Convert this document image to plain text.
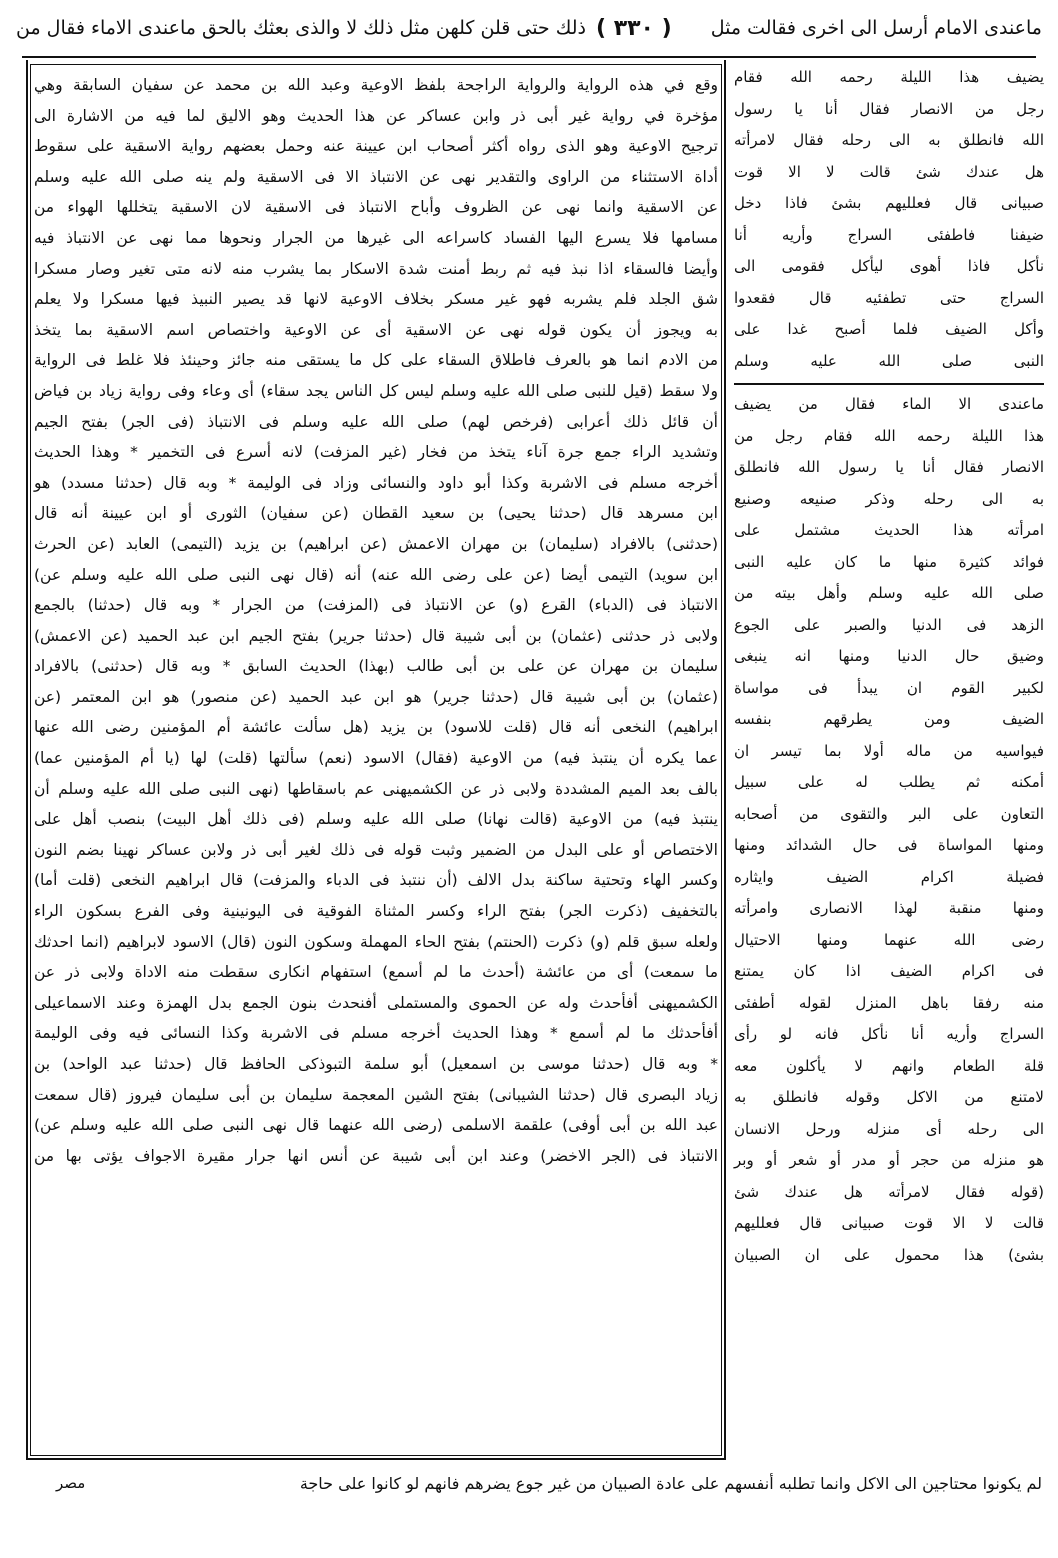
ماعندى الامام أرسل الى اخرى فقالت مثل
( ٣٣٠ )
ذلك حتى قلن كلهن مثل ذلك لا والذى بعثك بالحق ماعندى الاماء فقال من
وقع في هذه الرواية والرواية الراجحة بلفظ الاوعية وعبد الله بن محمد عن سفيان السابقة وهي
مؤخرة في رواية غير أبى ذر وابن عساكر عن هذا الحديث وهو الاليق لما فيه من الاشارة الى
ترجيح الاوعية وهو الذى رواه أكثر أصحاب ابن عيينة عنه وحمل بعضهم رواية الاسقية على سقوط
أداة الاستثناء من الراوى والتقدير نهى عن الانتباذ الا فى الاسقية ولم ينه صلى الله عليه وسلم
عن الاسقية وانما نهى عن الظروف وأباح الانتباذ فى الاسقية لان الاسقية يتخللها الهواء من
مسامها فلا يسرع اليها الفساد كاسراعه الى غيرها من الجرار ونحوها مما نهى عن الانتباذ فيه
وأيضا فالسقاء اذا نبذ فيه ثم ربط أمنت شدة الاسكار بما يشرب منه لانه متى تغير وصار مسكرا
شق الجلد فلم يشربه فهو غير مسكر بخلاف الاوعية لانها قد يصير النبيذ فيها مسكرا ولا يعلم
به ويجوز أن يكون قوله نهى عن الاسقية أى عن الاوعية واختصاص اسم الاسقية بما يتخذ
من الادم انما هو بالعرف فاطلاق السقاء على كل ما يستقى منه جائز وحينئذ فلا غلط فى الرواية
ولا سقط (قيل للنبى صلى الله عليه وسلم ليس كل الناس يجد سقاء) أى وعاء وفى رواية زياد بن فياض
أن قائل ذلك أعرابى (فرخص لهم) صلى الله عليه وسلم فى الانتباذ (فى الجر) بفتح الجيم
وتشديد الراء جمع جرة آناء يتخذ من فخار (غير المزفت) لانه أسرع فى التخمير * وهذا الحديث
أخرجه مسلم فى الاشربة وكذا أبو داود والنسائى وزاد فى الوليمة * وبه قال (حدثنا مسدد) هو
ابن مسرهد قال (حدثنا يحيى) بن سعيد القطان (عن سفيان) الثورى أو ابن عيينة أنه قال
(حدثنى) بالافراد (سليمان) بن مهران الاعمش (عن ابراهيم) بن يزيد (التيمى) العابد (عن الحرث
ابن سويد) التيمى أيضا (عن على رضى الله عنه) أنه (قال نهى النبى صلى الله عليه وسلم عن)
الانتباذ فى (الدباء) القرع (و) عن الانتباذ فى (المزفت) من الجرار * وبه قال (حدثنا) بالجمع
ولابى ذر حدثنى (عثمان) بن أبى شيبة قال (حدثنا جرير) بفتح الجيم ابن عبد الحميد (عن الاعمش)
سليمان بن مهران عن على بن أبى طالب (بهذا) الحديث السابق * وبه قال (حدثنى) بالافراد
(عثمان) بن أبى شيبة قال (حدثنا جرير) هو ابن عبد الحميد (عن منصور) هو ابن المعتمر (عن
ابراهيم) النخعى أنه قال (قلت للاسود) بن يزيد (هل سألت عائشة أم المؤمنين رضى الله عنها
عما يكره أن ينتبذ فيه) من الاوعية (فقال) الاسود (نعم) سألتها (قلت) لها (يا أم المؤمنين عما)
بالف بعد الميم المشددة ولابى ذر عن الكشميهنى عم باسقاطها (نهى النبى صلى الله عليه وسلم أن
ينتبذ فيه) من الاوعية (قالت نهانا) صلى الله عليه وسلم (فى ذلك أهل البيت) بنصب أهل على
الاختصاص أو على البدل من الضمير وثبت قوله فى ذلك لغير أبى ذر ولابن عساكر نهينا بضم النون
وكسر الهاء وتحتية ساكنة بدل الالف (أن ننتبذ فى الدباء والمزفت) قال ابراهيم النخعى (قلت أما)
بالتخفيف (ذكرت الجر) بفتح الراء وكسر المثناة الفوقية فى اليونينية وفى الفرع بسكون الراء
ولعله سبق قلم (و) ذكرت (الحنتم) بفتح الحاء المهملة وسكون النون (قال) الاسود لابراهيم (انما احدثك
ما سمعت) أى من عائشة (أحدث ما لم أسمع) استفهام انكارى سقطت منه الاداة ولابى ذر عن
الكشميهنى أفأحدث وله عن الحموى والمستملى أفنحدث بنون الجمع بدل الهمزة وعند الاسماعيلى
أفأحدثك ما لم أسمع * وهذا الحديث أخرجه مسلم فى الاشربة وكذا النسائى فيه وفى الوليمة
* وبه قال (حدثنا موسى بن اسمعيل) أبو سلمة التبوذكى الحافظ قال (حدثنا عبد الواحد) بن
زياد البصرى قال (حدثنا الشيبانى) بفتح الشين المعجمة سليمان بن أبى سليمان فيروز (قال سمعت
عبد الله بن أبى أوفى) علقمة الاسلمى (رضى الله عنهما قال نهى النبى صلى الله عليه وسلم عن)
الانتباذ فى (الجر الاخضر) وعند ابن أبى شيبة عن أنس انها جرار مقيرة الاجواف يؤتى بها من
يضيف هذا الليلة رحمه الله فقام
رجل من الانصار فقال أنا يا رسول
الله فانطلق به الى رحله فقال لامرأته
هل عندك شئ قالت لا الا قوت
صبيانى قال فعلليهم بشئ فاذا دخل
ضيفنا فاطفئى السراج وأريه أنا
نأكل فاذا أهوى ليأكل فقومى الى
السراج حتى تطفئيه قال فقعدوا
وأكل الضيف فلما أصبح غدا على
النبى صلى الله عليه وسلم
ماعندى الا الماء فقال من يضيف
هذا الليلة رحمه الله فقام رجل من
الانصار فقال أنا يا رسول الله فانطلق
به الى رحله وذكر صنيعه وصنيع
امرأته هذا الحديث مشتمل على
فوائد كثيرة منها ما كان عليه النبى
صلى الله عليه وسلم وأهل بيته من
الزهد فى الدنيا والصبر على الجوع
وضيق حال الدنيا ومنها انه ينبغى
لكبير القوم ان يبدأ فى مواساة
الضيف ومن يطرقهم بنفسه
فيواسيه من ماله أولا بما تيسر ان
أمكنه ثم يطلب له على سبيل
التعاون على البر والتقوى من أصحابه
ومنها المواساة فى حال الشدائد ومنها
فضيلة اكرام الضيف وايثاره
ومنها منقبة لهذا الانصارى وامرأته
رضى الله عنهما ومنها الاحتيال
فى اكرام الضيف اذا كان يمتنع
منه رفقا باهل المنزل لقوله أطفئى
السراج وأريه أنا نأكل فانه لو رأى
قلة الطعام وانهم لا يأكلون معه
لامتنع من الاكل وقوله فانطلق به
الى رحله أى منزله ورحل الانسان
هو منزله من حجر أو مدر أو شعر أو وبر
(قوله فقال لامرأته هل عندك شئ
قالت لا الا قوت صبيانى قال فعلليهم
بشئ) هذا محمول على ان الصبيان
لم يكونوا محتاجين الى الاكل وانما تطلبه أنفسهم على عادة الصبيان من غير جوع يضرهم فانهم لو كانوا على حاجة
مصر
